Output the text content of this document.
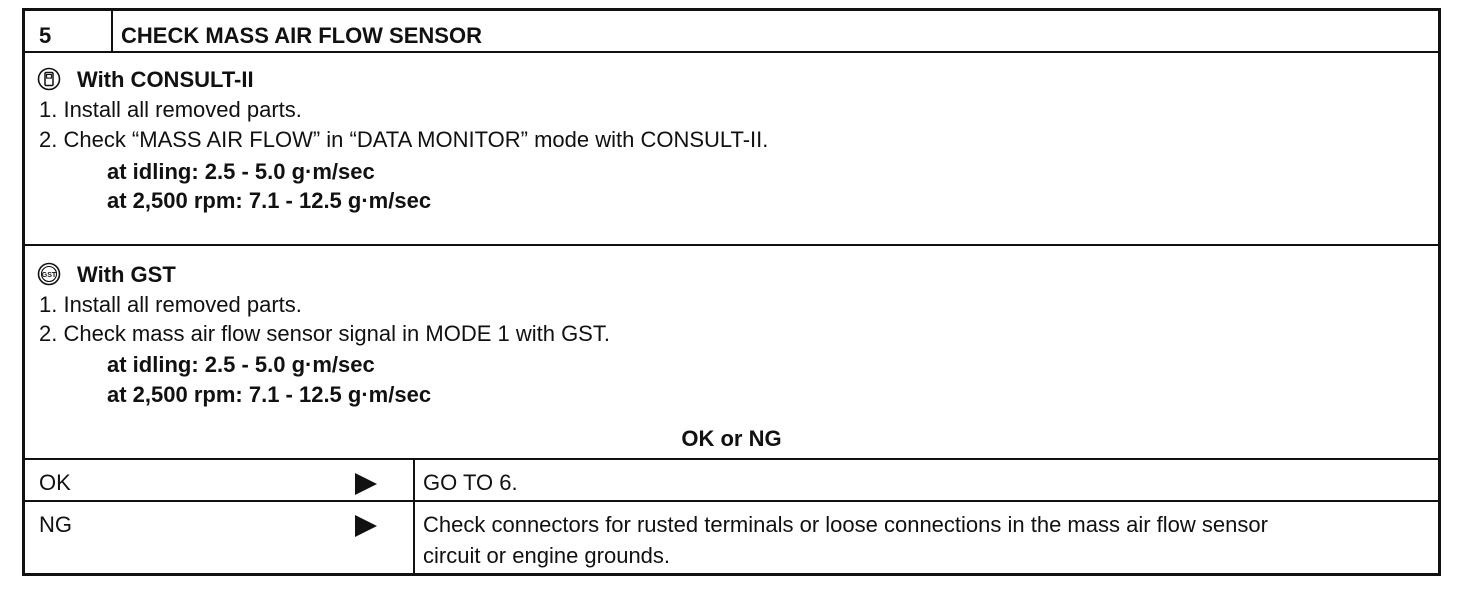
5	CHECK MASS AIR FLOW SENSOR
With CONSULT-II
1. Install all removed parts.
2. Check “MASS AIR FLOW” in “DATA MONITOR” mode with CONSULT-II.
at idling: 2.5 - 5.0 g·m/sec
at 2,500 rpm: 7.1 - 12.5 g·m/sec
GST With GST
1. Install all removed parts.
2. Check mass air flow sensor signal in MODE 1 with GST.
at idling: 2.5 - 5.0 g·m/sec
at 2,500 rpm: 7.1 - 12.5 g·m/sec
OK or NG
OK	GO TO 6.
NG	Check connectors for rusted terminals or loose connections in the mass air flow sensor
circuit or engine grounds.
